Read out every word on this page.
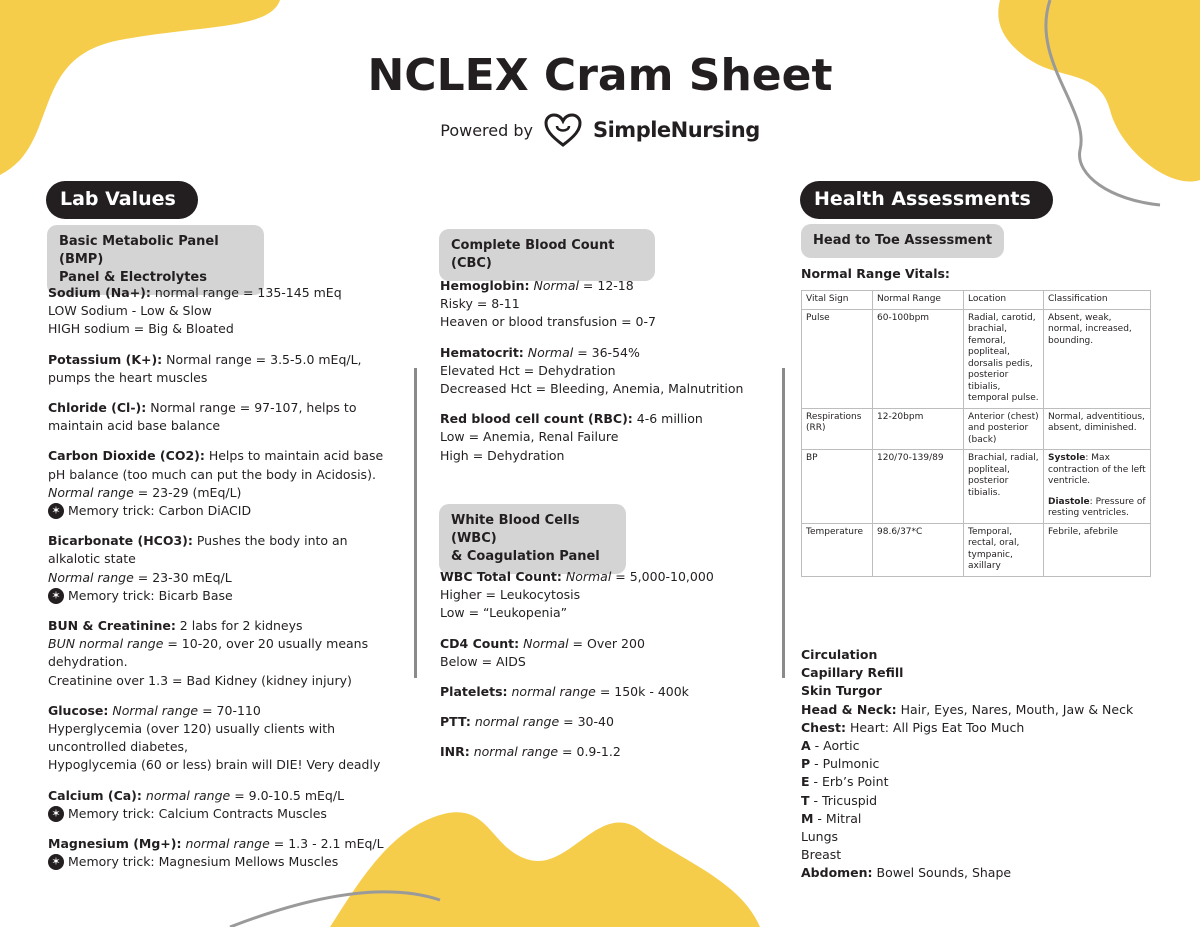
NCLEX Cram Sheet
Powered by	SimpleNursing
Lab Values
Basic Metabolic Panel (BMP)
Panel & Electrolytes

Sodium (Na+): normal range = 135-145 mEq
LOW Sodium - Low & Slow
HIGH sodium = Big & Bloated

Potassium (K+): Normal range = 3.5-5.0 mEq/L,
pumps the heart muscles

Chloride (Cl-): Normal range = 97-107, helps to
maintain acid base balance

Carbon Dioxide (CO2): Helps to maintain acid base
pH balance (too much can put the body in Acidosis).
Normal range = 23-29 (mEq/L)
✶ Memory trick: Carbon DiACID

Bicarbonate (HCO3): Pushes the body into an
alkalotic state
Normal range = 23-30 mEq/L
✶ Memory trick: Bicarb Base

BUN & Creatinine: 2 labs for 2 kidneys
BUN normal range = 10-20, over 20 usually means
dehydration.
Creatinine over 1.3 = Bad Kidney (kidney injury)

Glucose: Normal range = 70-110
Hyperglycemia (over 120) usually clients with
uncontrolled diabetes,
Hypoglycemia (60 or less) brain will DIE! Very deadly

Calcium (Ca): normal range = 9.0-10.5 mEq/L
✶ Memory trick: Calcium Contracts Muscles

Magnesium (Mg+): normal range = 1.3 - 2.1 mEq/L
✶ Memory trick: Magnesium Mellows Muscles

Complete Blood Count (CBC)

Hemoglobin: Normal = 12-18
Risky = 8-11
Heaven or blood transfusion = 0-7

Hematocrit: Normal = 36-54%
Elevated Hct = Dehydration
Decreased Hct = Bleeding, Anemia, Malnutrition

Red blood cell count (RBC): 4-6 million
Low = Anemia, Renal Failure
High = Dehydration

White Blood Cells (WBC)
& Coagulation Panel

WBC Total Count: Normal = 5,000-10,000
Higher = Leukocytosis
Low = “Leukopenia”

CD4 Count: Normal = Over 200
Below = AIDS

Platelets: normal range = 150k - 400k

PTT: normal range = 30-40

INR: normal range = 0.9-1.2

Health Assessments
Head to Toe Assessment
Normal Range Vitals:
Vital Sign	Normal Range	Location	Classification
Pulse	60-100bpm	Radial, carotid, brachial, femoral, popliteal, dorsalis pedis, posterior tibialis, temporal pulse.	Absent, weak, normal, increased, bounding.
Respirations (RR)	12-20bpm	Anterior (chest) and posterior (back)	Normal, adventitious, absent, diminished.
BP	120/70-139/89	Brachial, radial, popliteal, posterior tibialis.	Systole: Max contraction of the left ventricle.
Diastole: Pressure of resting ventricles.

Temperature	98.6/37*C	Temporal, rectal, oral, tympanic, axillary	Febrile, afebrile
Circulation
Capillary Refill
Skin Turgor
Head & Neck: Hair, Eyes, Nares, Mouth, Jaw & Neck
Chest: Heart: All Pigs Eat Too Much
A - Aortic
P - Pulmonic
E - Erb’s Point
T - Tricuspid
M - Mitral
Lungs
Breast
Abdomen: Bowel Sounds, Shape
